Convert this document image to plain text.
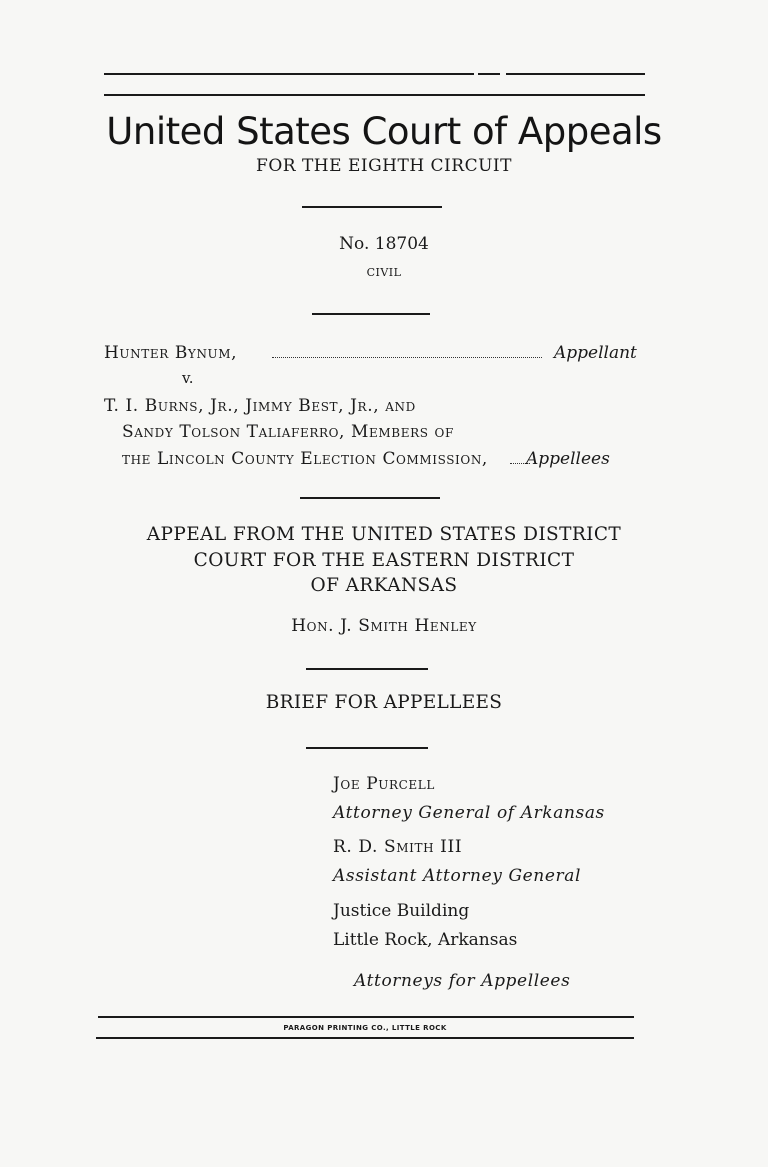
United States Court of Appeals
FOR THE EIGHTH CIRCUIT
No. 18704
CIVIL
Hunter Bynum,	Appellant
v.
T. I. Burns, Jr., Jimmy Best, Jr., and
Sandy Tolson Taliaferro, Members of
the Lincoln County Election Commission, Appellees
APPEAL FROM THE UNITED STATES DISTRICT
COURT FOR THE EASTERN DISTRICT
OF ARKANSAS
Hon. J. Smith Henley
BRIEF FOR APPELLEES
Joe Purcell
Attorney General of Arkansas
R. D. Smith III
Assistant Attorney General
Justice Building
Little Rock, Arkansas
Attorneys for Appellees
PARAGON PRINTING CO., LITTLE ROCK
